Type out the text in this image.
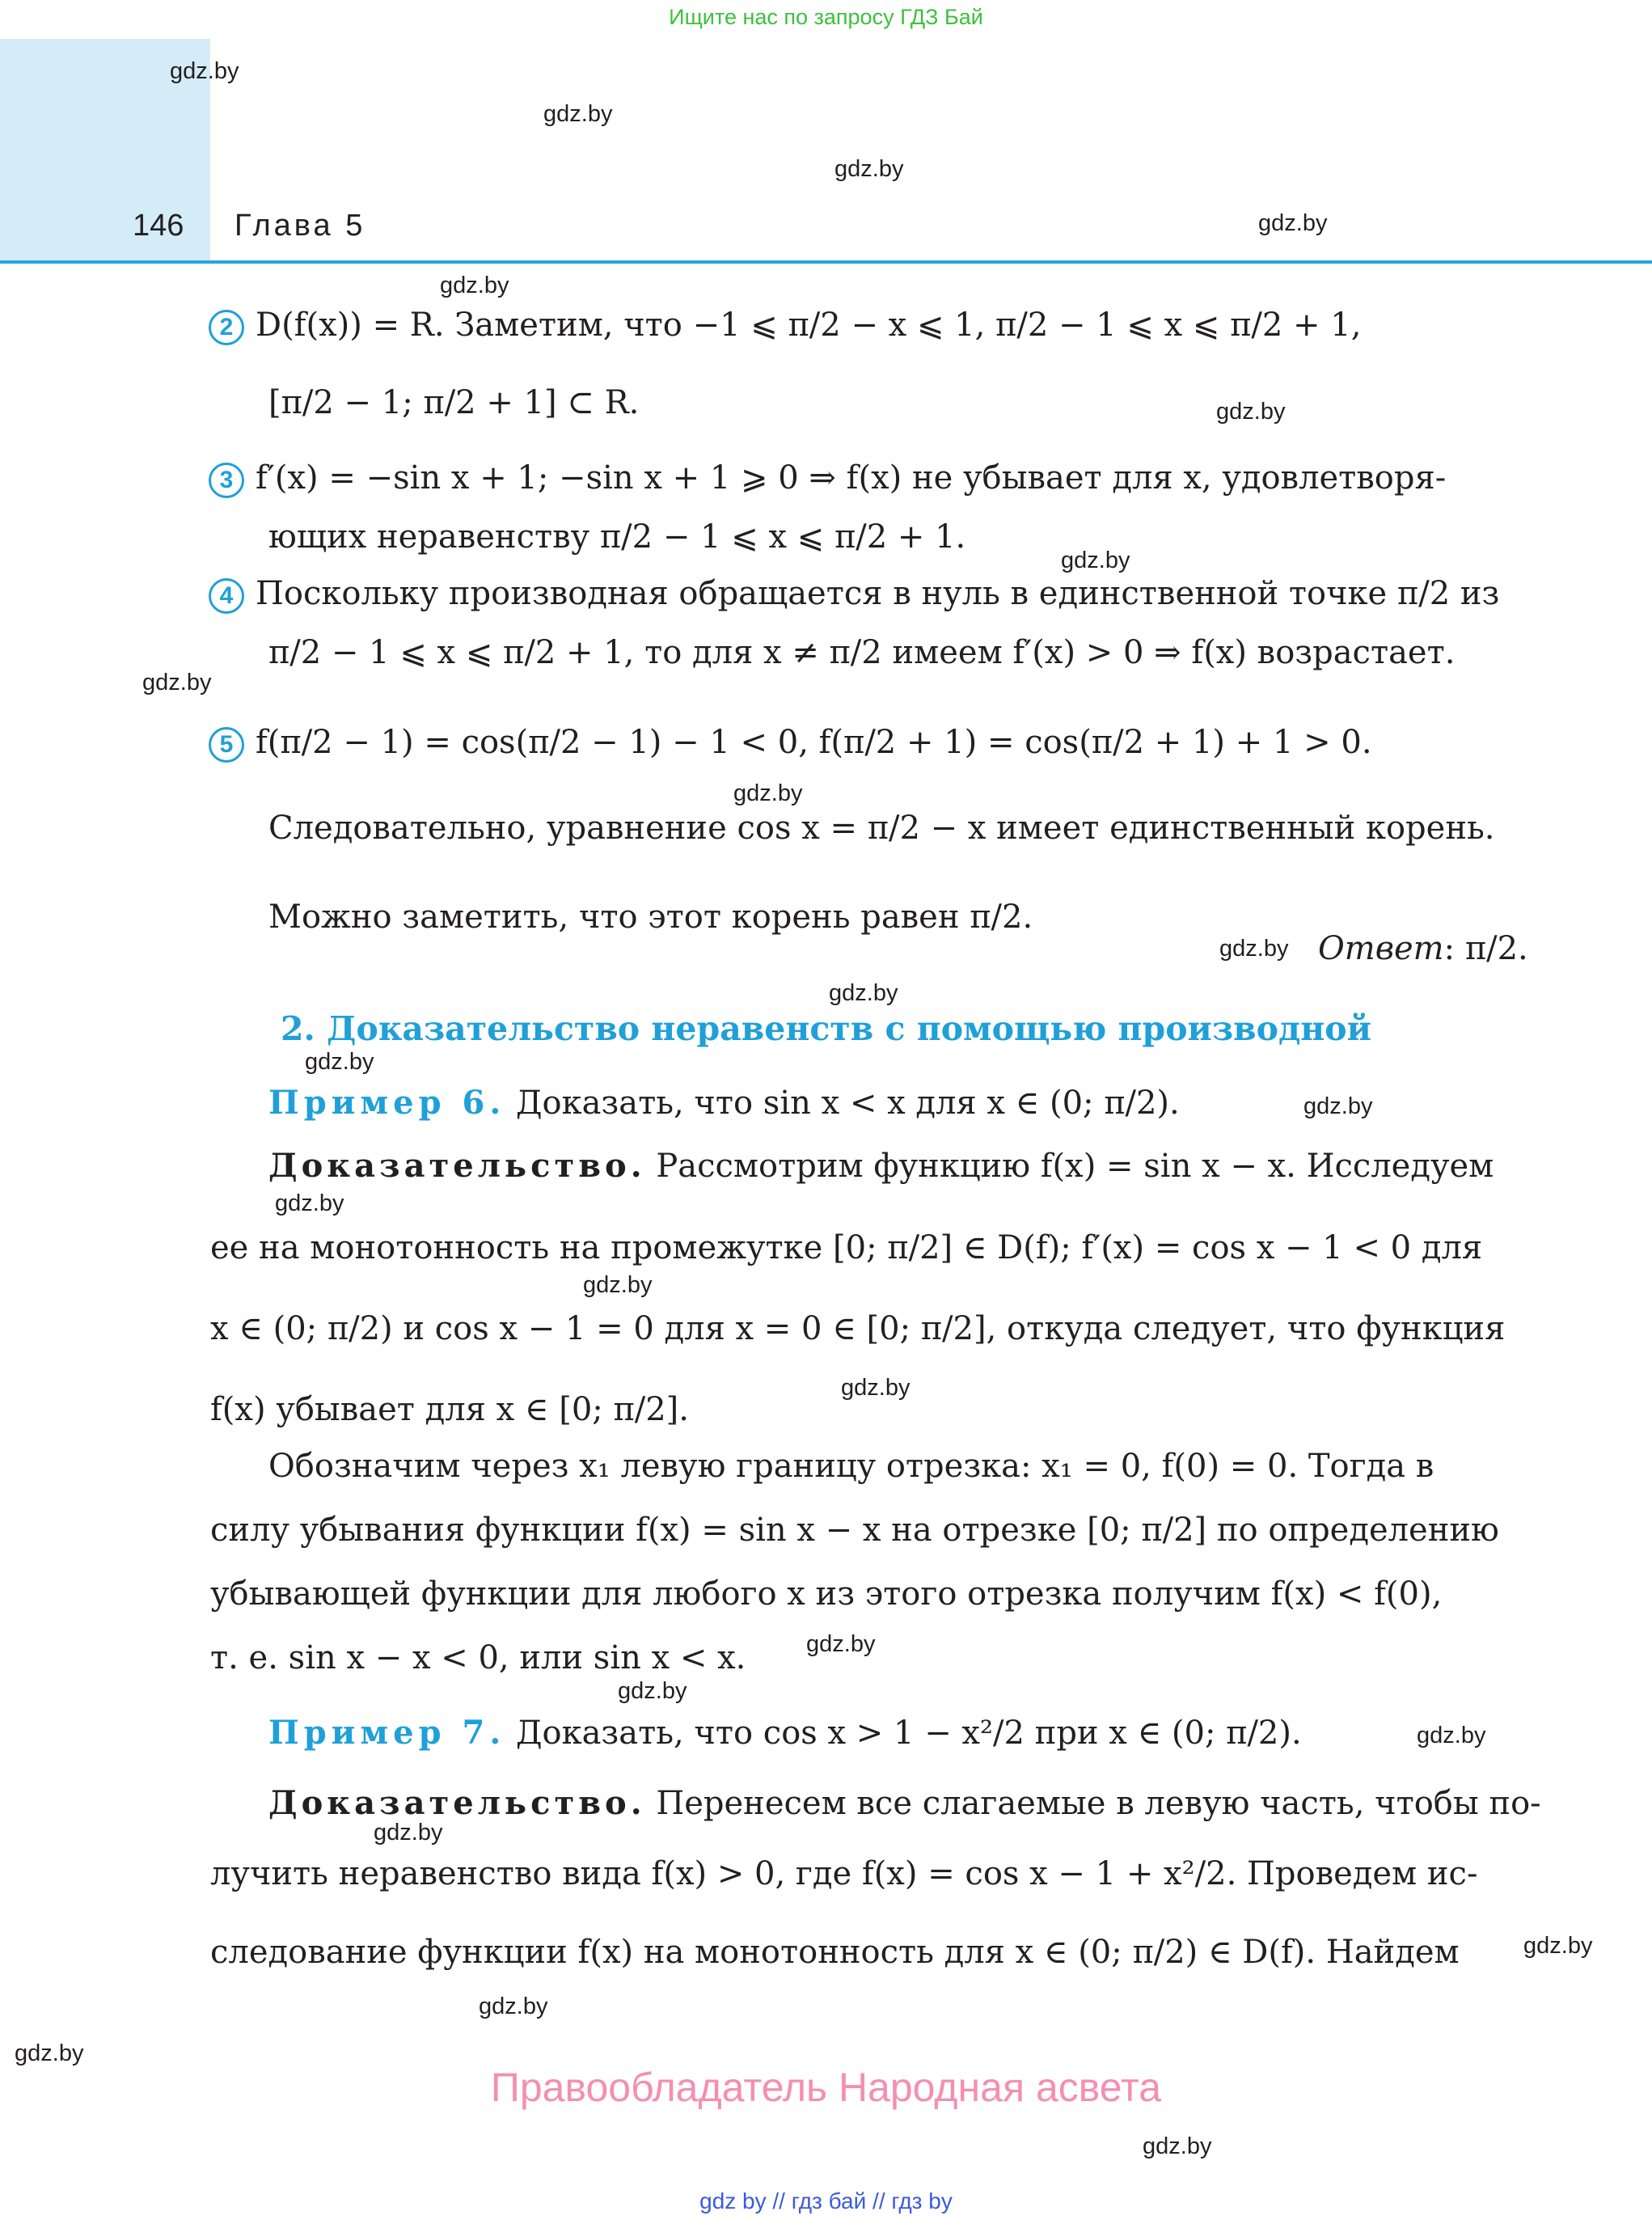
Ищите нас по запросу ГДЗ Бай
146 Глава 5
gdz.by
gdz.by
gdz.by
gdz.by
gdz.by
gdz.by
gdz.by
gdz.by
gdz.by
gdz.by
gdz.by
gdz.by
gdz.by
gdz.by
gdz.by
gdz.by
gdz.by
gdz.by
gdz.by
gdz.by
gdz.by
gdz.by
gdz.by
gdz.by
2 D(f(x)) = R. Заметим, что −1 ⩽ π/2 − x ⩽ 1, π/2 − 1 ⩽ x ⩽ π/2 + 1,
[π/2 − 1; π/2 + 1] ⊂ R.
3 f′(x) = −sin x + 1; −sin x + 1 ⩾ 0 ⇒ f(x) не убывает для x, удовлетворя-
ющих неравенству π/2 − 1 ⩽ x ⩽ π/2 + 1.
4 Поскольку производная обращается в нуль в единственной точке π/2 из
π/2 − 1 ⩽ x ⩽ π/2 + 1, то для x ≠ π/2 имеем f′(x) > 0 ⇒ f(x) возрастает.
5 f(π/2 − 1) = cos(π/2 − 1) − 1 < 0, f(π/2 + 1) = cos(π/2 + 1) + 1 > 0.
Следовательно, уравнение cos x = π/2 − x имеет единственный корень.
Можно заметить, что этот корень равен π/2.
Ответ: π/2.
2. Доказательство неравенств с помощью производной
Пример 6. Доказать, что sin x < x для x ∈ (0; π/2).
Доказательство. Рассмотрим функцию f(x) = sin x − x. Исследуем
ее на монотонность на промежутке [0; π/2] ∈ D(f); f′(x) = cos x − 1 < 0 для
x ∈ (0; π/2) и cos x − 1 = 0 для x = 0 ∈ [0; π/2], откуда следует, что функция
f(x) убывает для x ∈ [0; π/2].
Обозначим через x₁ левую границу отрезка: x₁ = 0, f(0) = 0. Тогда в
силу убывания функции f(x) = sin x − x на отрезке [0; π/2] по определению
убывающей функции для любого x из этого отрезка получим f(x) < f(0),
т. е. sin x − x < 0, или sin x < x.
Пример 7. Доказать, что cos x > 1 − x²/2 при x ∈ (0; π/2).
Доказательство. Перенесем все слагаемые в левую часть, чтобы по-
лучить неравенство вида f(x) > 0, где f(x) = cos x − 1 + x²/2. Проведем ис-
следование функции f(x) на монотонность для x ∈ (0; π/2) ∈ D(f). Найдем
Правообладатель Народная асвета
gdz by // гдз бай // гдз by
